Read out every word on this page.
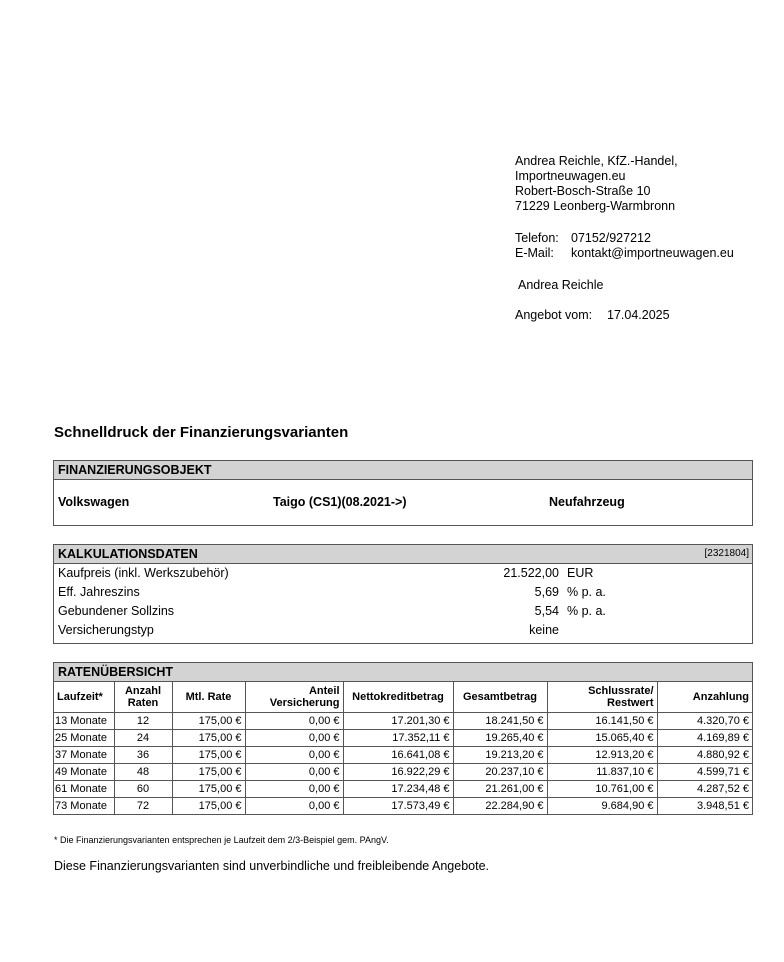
Andrea Reichle, KfZ.-Handel,
Importneuwagen.eu
Robert-Bosch-Straße 10
71229 Leonberg-Warmbronn
Telefon: 07152/927212
E-Mail: kontakt@importneuwagen.eu
Andrea Reichle
Angebot vom: 17.04.2025
Schnelldruck der Finanzierungsvarianten
FINANZIERUNGSOBJEKT
Volkswagen	Taigo (CS1)(08.2021->)	Neufahrzeug
KALKULATIONSDATEN	[2321804]
Kaufpreis (inkl. Werkszubehör)	21.522,00 EUR
Eff. Jahreszins	5,69 % p. a.
Gebundener Sollzins	5,54 % p. a.
Versicherungstyp	keine
RATENÜBERSICHT
Laufzeit*	Anzahl Raten	Mtl. Rate	Anteil Versicherung	Nettokreditbetrag	Gesamtbetrag	Schlussrate/ Restwert	Anzahlung
13 Monate	12	175,00 €	0,00 €	17.201,30 €	18.241,50 €	16.141,50 €	4.320,70 €
25 Monate	24	175,00 €	0,00 €	17.352,11 €	19.265,40 €	15.065,40 €	4.169,89 €
37 Monate	36	175,00 €	0,00 €	16.641,08 €	19.213,20 €	12.913,20 €	4.880,92 €
49 Monate	48	175,00 €	0,00 €	16.922,29 €	20.237,10 €	11.837,10 €	4.599,71 €
61 Monate	60	175,00 €	0,00 €	17.234,48 €	21.261,00 €	10.761,00 €	4.287,52 €
73 Monate	72	175,00 €	0,00 €	17.573,49 €	22.284,90 €	9.684,90 €	3.948,51 €
* Die Finanzierungsvarianten entsprechen je Laufzeit dem 2/3-Beispiel gem. PAngV.
Diese Finanzierungsvarianten sind unverbindliche und freibleibende Angebote.
